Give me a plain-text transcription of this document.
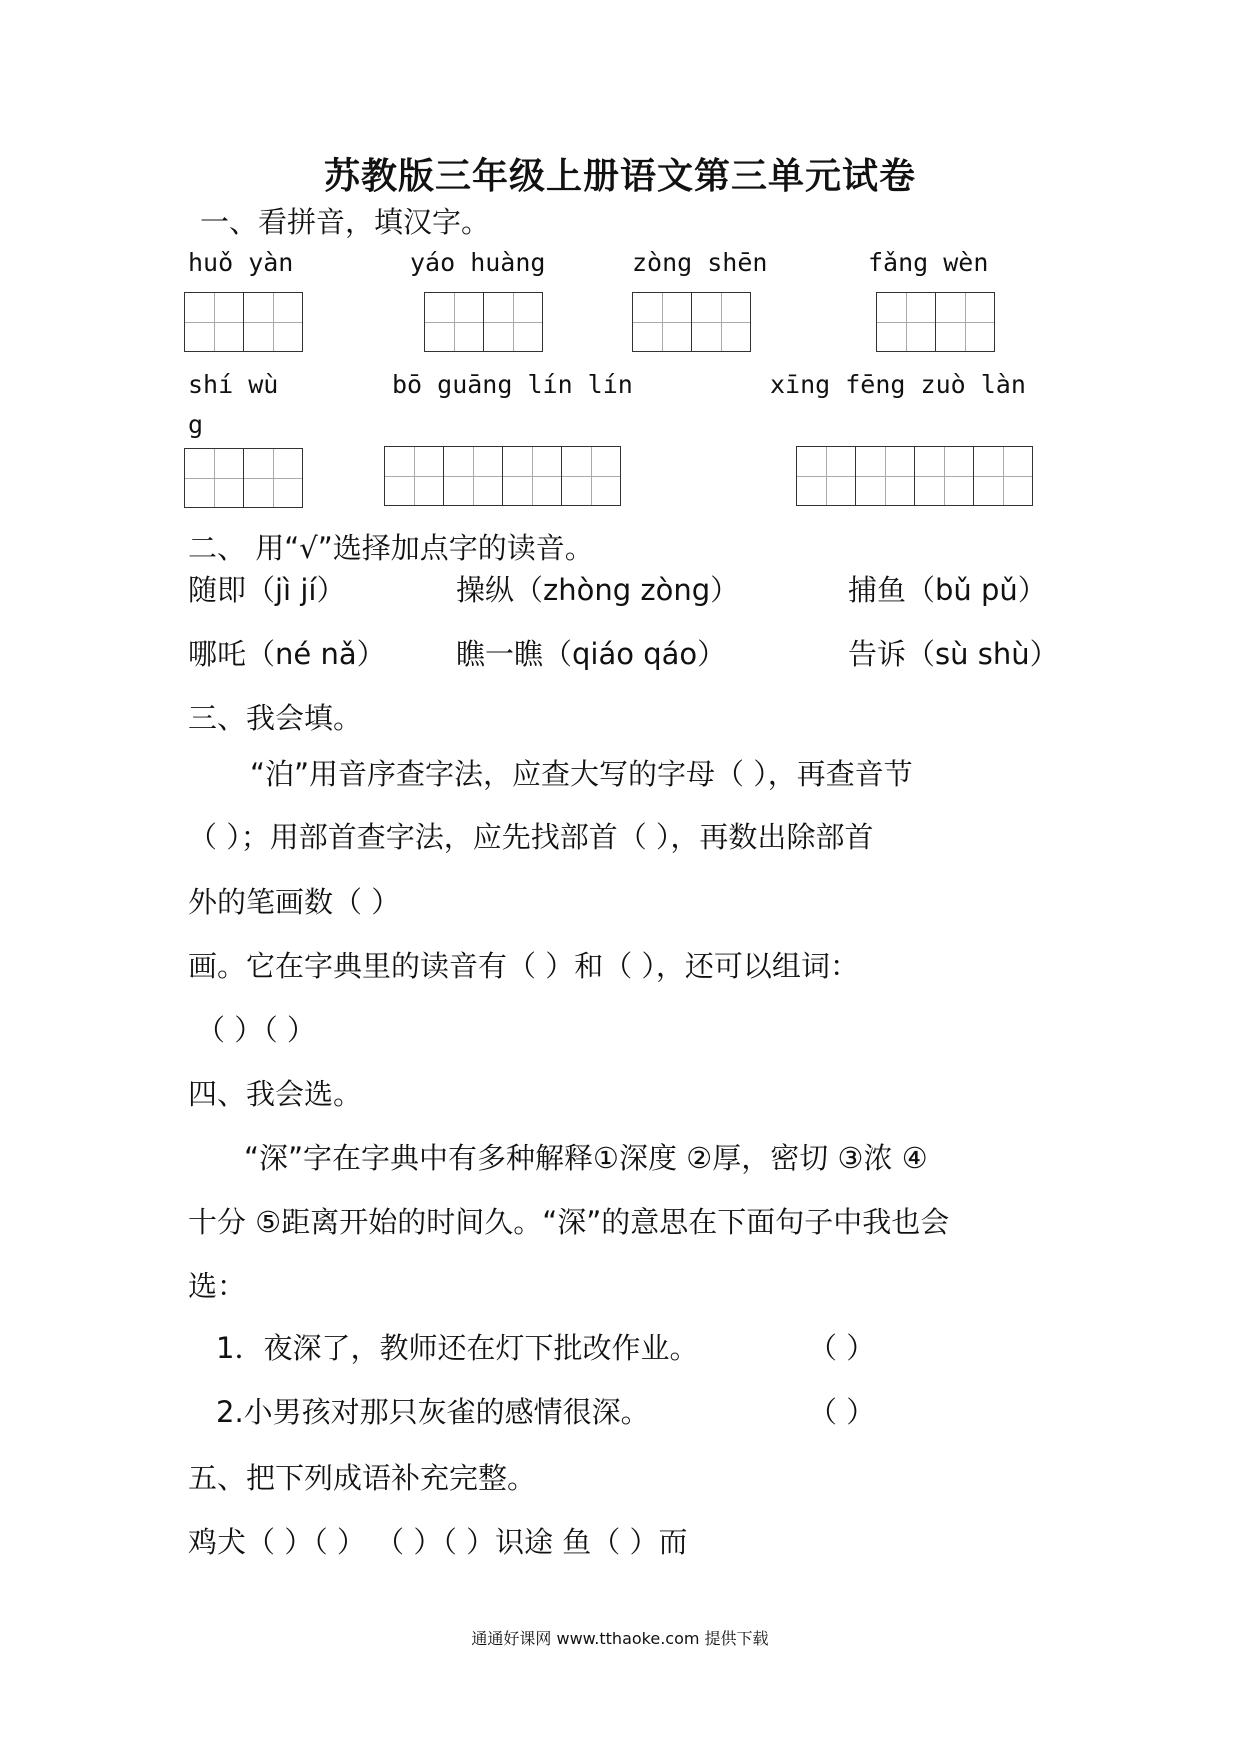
苏教版三年级上册语文第三单元试卷
一、看拼音，填汉字。
huǒ yàn	yáo huàng	zòng shēn	fǎng wèn
shí wù	bō guāng lín lín	xīng fēng zuò làn
g
二、 用“√”选择加点字的读音。
随即（jì jí）	操纵（zhòng zòng）	捕鱼（bǔ pǔ）
哪吒（né nǎ） 瞧一瞧（qiáo qáo）	告诉（sù shù）
三、我会填。
“泊”用音序查字法，应查大写的字母（ ），再查音节
（ ）；用部首查字法，应先找部首（ ），再数出除部首
外的笔画数（ ）
画。它在字典里的读音有（ ）和（ ），还可以组词：
（ ）（ ）
四、我会选。
“深”字在字典中有多种解释①深度 ②厚，密切 ③浓 ④
十分 ⑤距离开始的时间久。“深”的意思在下面句子中我也会
选：
1．夜深了，教师还在灯下批改作业。	（ ）
2.小男孩对那只灰雀的感情很深。	（ ）
五、把下列成语补充完整。
鸡犬（ ）（ ） （ ）（ ）识途 鱼（ ）而
通通好课网 www.tthaoke.com 提供下载
